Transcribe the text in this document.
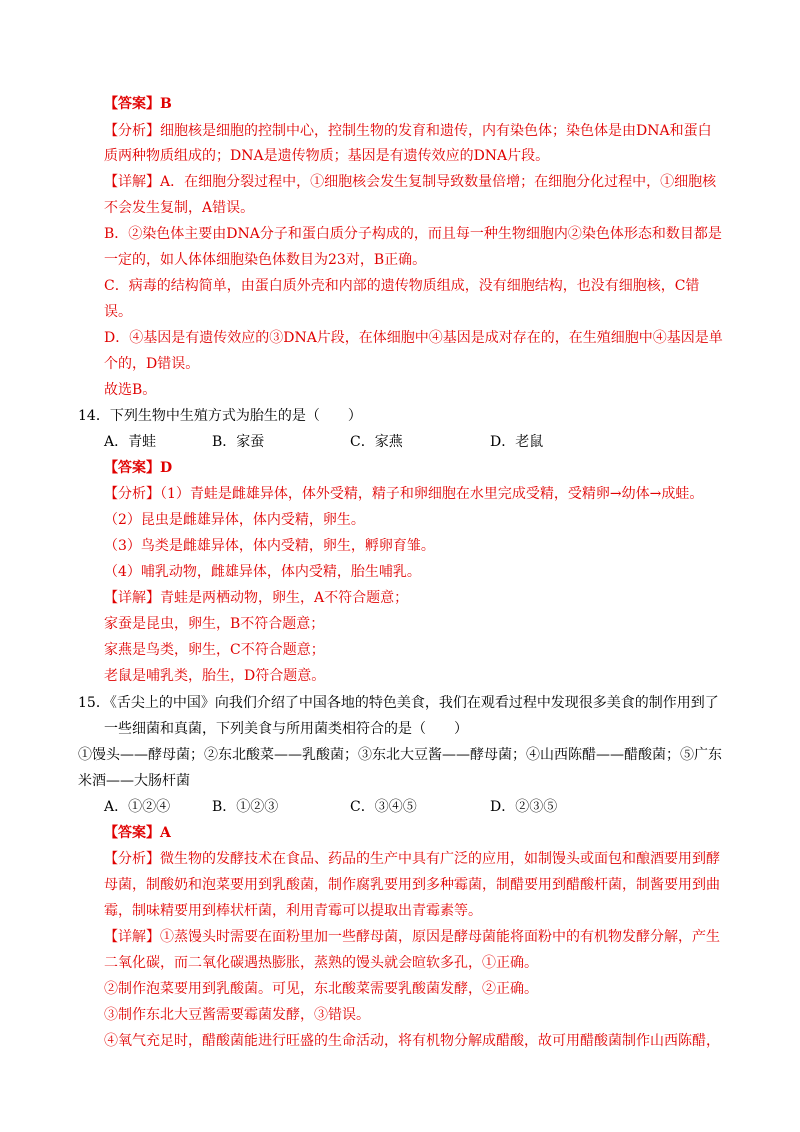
【答案】B
【分析】细胞核是细胞的控制中心，控制生物的发育和遗传，内有染色体；染色体是由DNA和蛋白
质两种物质组成的；DNA是遗传物质；基因是有遗传效应的DNA片段。
【详解】A．在细胞分裂过程中，①细胞核会发生复制导致数量倍增；在细胞分化过程中，①细胞核
不会发生复制，A错误。
B．②染色体主要由DNA分子和蛋白质分子构成的，而且每一种生物细胞内②染色体形态和数目都是
一定的，如人体体细胞染色体数目为23对，B正确。
C．病毒的结构简单，由蛋白质外壳和内部的遗传物质组成，没有细胞结构，也没有细胞核，C错
误。
D．④基因是有遗传效应的③DNA片段，在体细胞中④基因是成对存在的，在生殖细胞中④基因是单
个的，D错误。
故选B。
14．下列生物中生殖方式为胎生的是（　　）
A．青蛙	B．家蚕	C．家燕	D．老鼠
【答案】D
【分析】（1）青蛙是雌雄异体，体外受精，精子和卵细胞在水里完成受精，受精卵→幼体→成蛙。
（2）昆虫是雌雄异体，体内受精，卵生。
（3）鸟类是雌雄异体，体内受精，卵生，孵卵育雏。
（4）哺乳动物，雌雄异体，体内受精，胎生哺乳。
【详解】青蛙是两栖动物，卵生，A不符合题意；
家蚕是昆虫，卵生，B不符合题意；
家燕是鸟类，卵生，C不符合题意；
老鼠是哺乳类，胎生，D符合题意。
15．《舌尖上的中国》向我们介绍了中国各地的特色美食，我们在观看过程中发现很多美食的制作用到了
一些细菌和真菌，下列美食与所用菌类相符合的是（　　）
①馒头——酵母菌；②东北酸菜——乳酸菌；③东北大豆酱——酵母菌；④山西陈醋——醋酸菌；⑤广东
米酒——大肠杆菌
A．①②④	B．①②③	C．③④⑤	D．②③⑤
【答案】A
【分析】微生物的发酵技术在食品、药品的生产中具有广泛的应用，如制馒头或面包和酿酒要用到酵
母菌，制酸奶和泡菜要用到乳酸菌，制作腐乳要用到多种霉菌，制醋要用到醋酸杆菌，制酱要用到曲
霉，制味精要用到棒状杆菌，利用青霉可以提取出青霉素等。
【详解】①蒸馒头时需要在面粉里加一些酵母菌，原因是酵母菌能将面粉中的有机物发酵分解，产生
二氧化碳，而二氧化碳遇热膨胀，蒸熟的馒头就会暄软多孔，①正确。
②制作泡菜要用到乳酸菌。可见，东北酸菜需要乳酸菌发酵，②正确。
③制作东北大豆酱需要霉菌发酵，③错误。
④氧气充足时，醋酸菌能进行旺盛的生命活动，将有机物分解成醋酸，故可用醋酸菌制作山西陈醋，
